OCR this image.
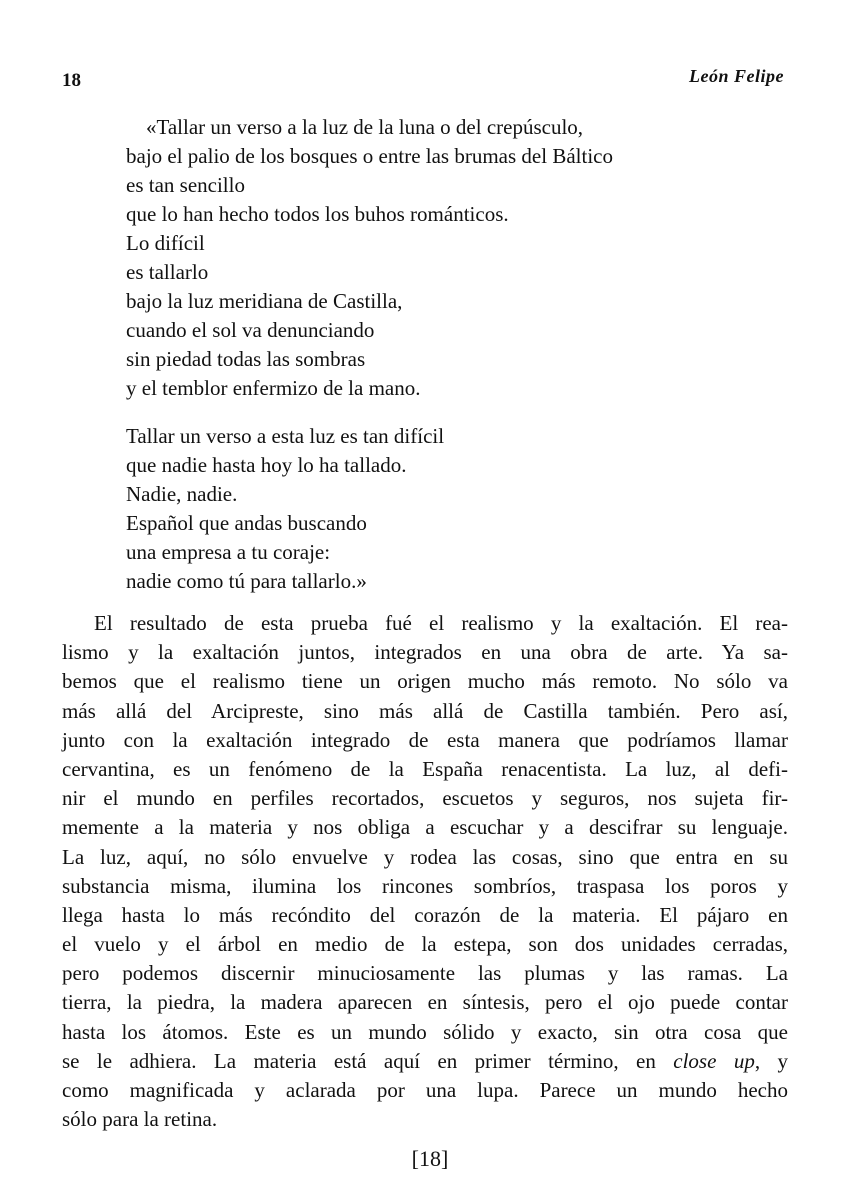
18	León Felipe
«Tallar un verso a la luz de la luna o del crepúsculo,
bajo el palio de los bosques o entre las brumas del Báltico
es tan sencillo
que lo han hecho todos los buhos románticos.
Lo difícil
es tallarlo
bajo la luz meridiana de Castilla,
cuando el sol va denunciando
sin piedad todas las sombras
y el temblor enfermizo de la mano.
Tallar un verso a esta luz es tan difícil
que nadie hasta hoy lo ha tallado.
Nadie, nadie.
Español que andas buscando
una empresa a tu coraje:
nadie como tú para tallarlo.»
El resultado de esta prueba fué el realismo y la exaltación. El rea-
lismo y la exaltación juntos, integrados en una obra de arte. Ya sa-
bemos que el realismo tiene un origen mucho más remoto. No sólo va
más allá del Arcipreste, sino más allá de Castilla también. Pero así,
junto con la exaltación integrado de esta manera que podríamos llamar
cervantina, es un fenómeno de la España renacentista. La luz, al defi-
nir el mundo en perfiles recortados, escuetos y seguros, nos sujeta fir-
memente a la materia y nos obliga a escuchar y a descifrar su lenguaje.
La luz, aquí, no sólo envuelve y rodea las cosas, sino que entra en su
substancia misma, ilumina los rincones sombríos, traspasa los poros y
llega hasta lo más recóndito del corazón de la materia. El pájaro en
el vuelo y el árbol en medio de la estepa, son dos unidades cerradas,
pero podemos discernir minuciosamente las plumas y las ramas. La
tierra, la piedra, la madera aparecen en síntesis, pero el ojo puede contar
hasta los átomos. Este es un mundo sólido y exacto, sin otra cosa que
se le adhiera. La materia está aquí en primer término, en close up, y
como magnificada y aclarada por una lupa. Parece un mundo hecho
sólo para la retina.
[18]
